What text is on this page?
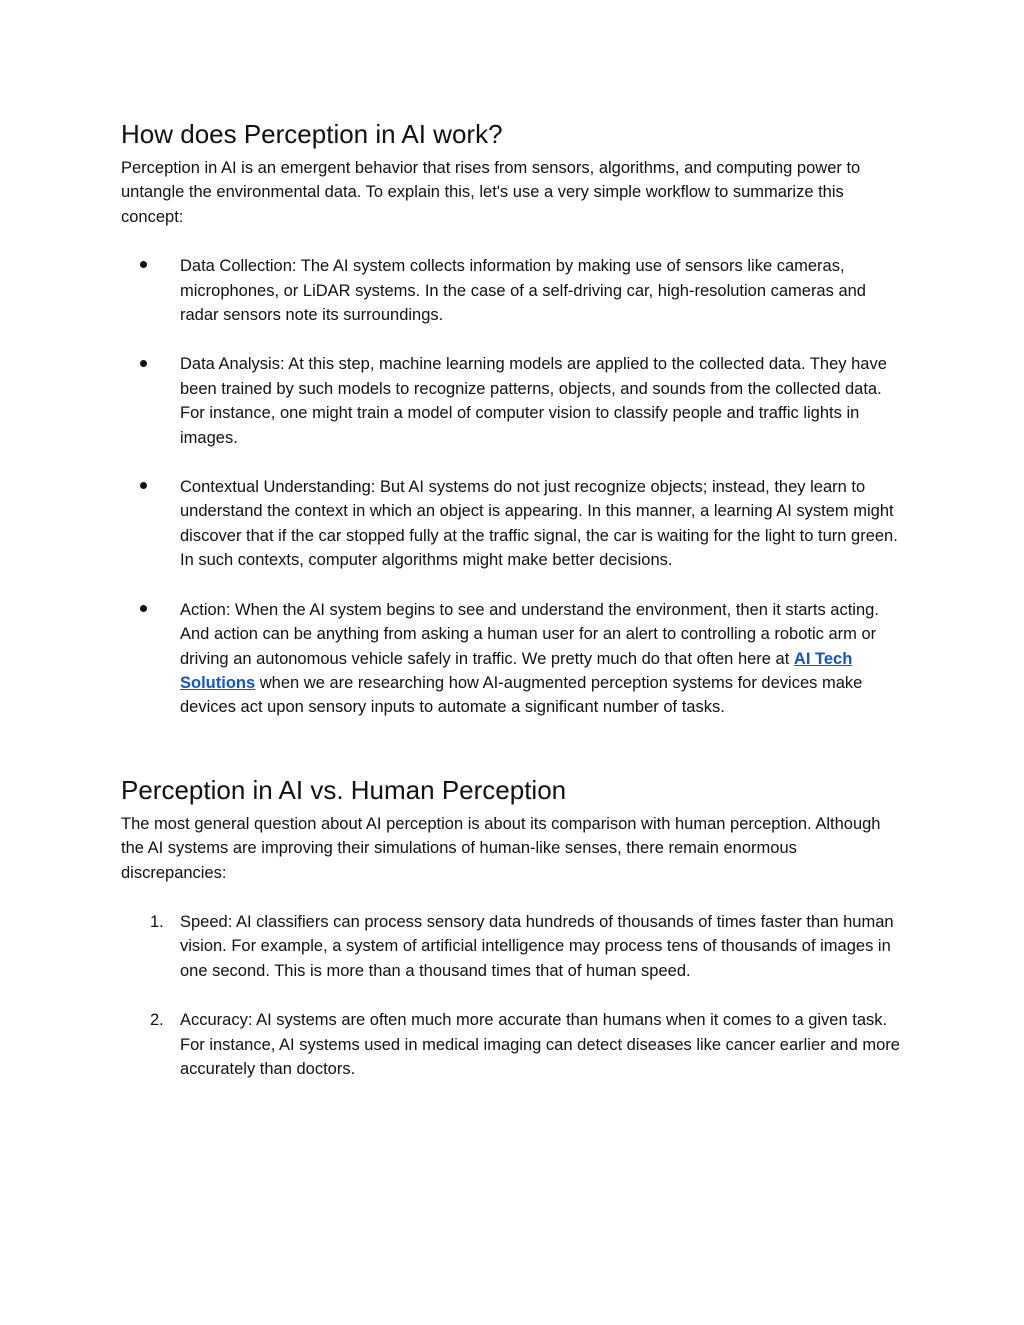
How does Perception in AI work?

Perception in AI is an emergent behavior that rises from sensors, algorithms, and computing power to untangle the environmental data. To explain this, let's use a very simple workflow to summarize this concept:

Data Collection: The AI system collects information by making use of sensors like cameras, microphones, or LiDAR systems. In the case of a self-driving car, high-resolution cameras and radar sensors note its surroundings.
Data Analysis: At this step, machine learning models are applied to the collected data. They have been trained by such models to recognize patterns, objects, and sounds from the collected data. For instance, one might train a model of computer vision to classify people and traffic lights in images.
Contextual Understanding: But AI systems do not just recognize objects; instead, they learn to understand the context in which an object is appearing. In this manner, a learning AI system might discover that if the car stopped fully at the traffic signal, the car is waiting for the light to turn green. In such contexts, computer algorithms might make better decisions.
Action: When the AI system begins to see and understand the environment, then it starts acting. And action can be anything from asking a human user for an alert to controlling a robotic arm or driving an autonomous vehicle safely in traffic. We pretty much do that often here at AI Tech Solutions when we are researching how AI-augmented perception systems for devices make devices act upon sensory inputs to automate a significant number of tasks.
Perception in AI vs. Human Perception

The most general question about AI perception is about its comparison with human perception. Although the AI systems are improving their simulations of human-like senses, there remain enormous discrepancies:

1. Speed: AI classifiers can process sensory data hundreds of thousands of times faster than human vision. For example, a system of artificial intelligence may process tens of thousands of images in one second. This is more than a thousand times that of human speed.
2. Accuracy: AI systems are often much more accurate than humans when it comes to a given task. For instance, AI systems used in medical imaging can detect diseases like cancer earlier and more accurately than doctors.
